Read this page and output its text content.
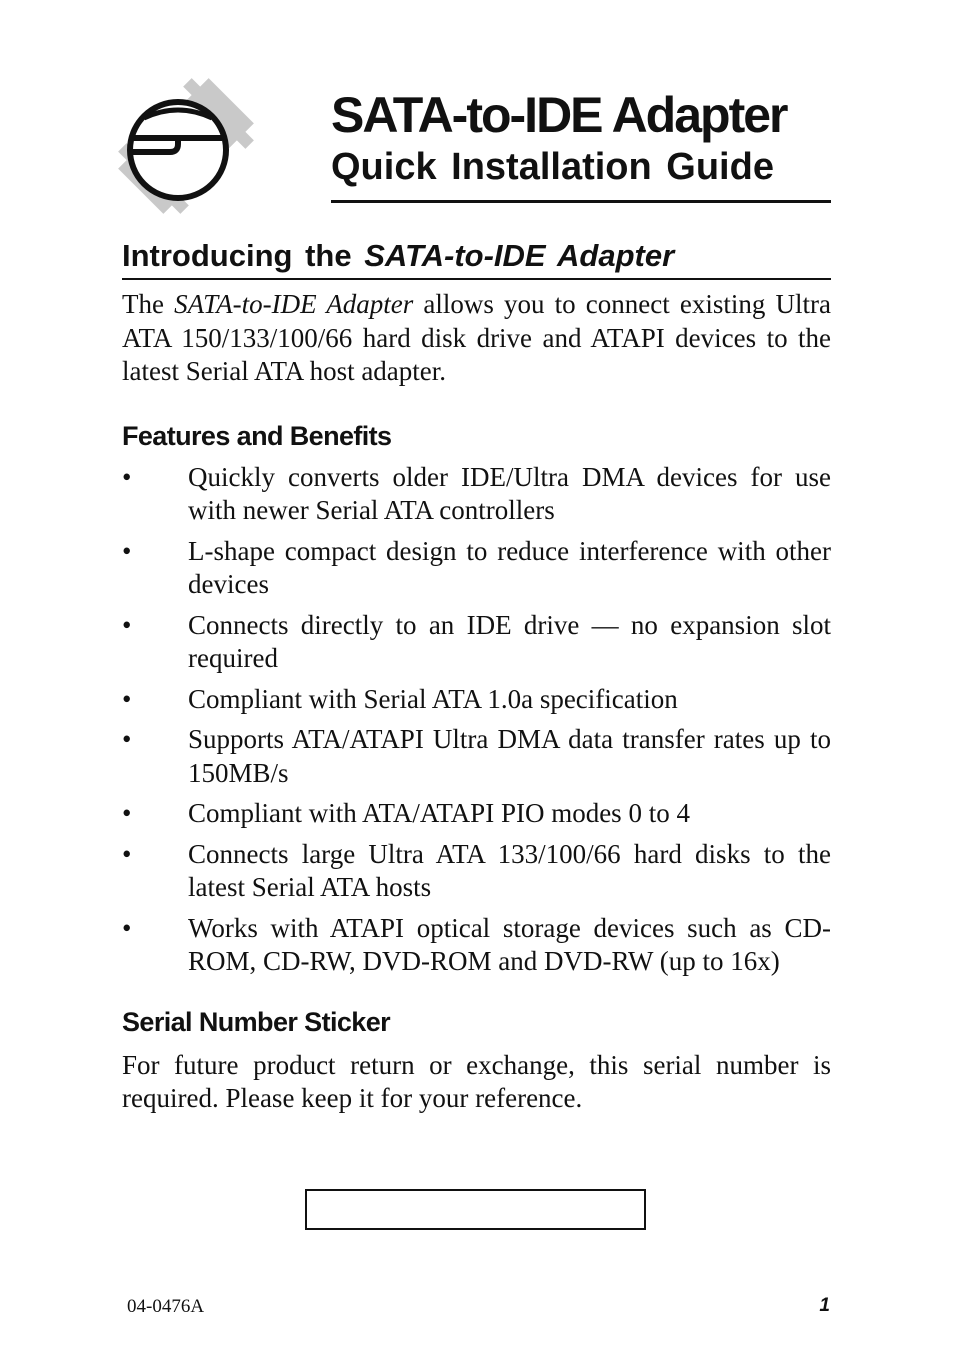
SATA-to-IDE Adapter
Quick Installation Guide
Introducing the SATA-to-IDE Adapter

The SATA-to-IDE Adapter allows you to connect existing Ultra ATA 150/133/100/66 hard disk drive and ATAPI devices to the latest Serial ATA host adapter.

Features and Benefits
•	Quickly converts older IDE/Ultra DMA devices for use with newer Serial ATA controllers
•	L-shape compact design to reduce interference with other devices
•	Connects directly to an IDE drive — no expansion slot required
•	Compliant with Serial ATA 1.0a specification
•	Supports ATA/ATAPI Ultra DMA data transfer rates up to 150MB/s
•	Compliant with ATA/ATAPI PIO modes 0 to 4
•	Connects large Ultra ATA 133/100/66 hard disks to the latest Serial ATA hosts
•	Works with ATAPI optical storage devices such as CD-ROM, CD-RW, DVD-ROM and DVD-RW (up to 16x)
Serial Number Sticker

For future product return or exchange, this serial number is required. Please keep it for your reference.

04-0476A	1
